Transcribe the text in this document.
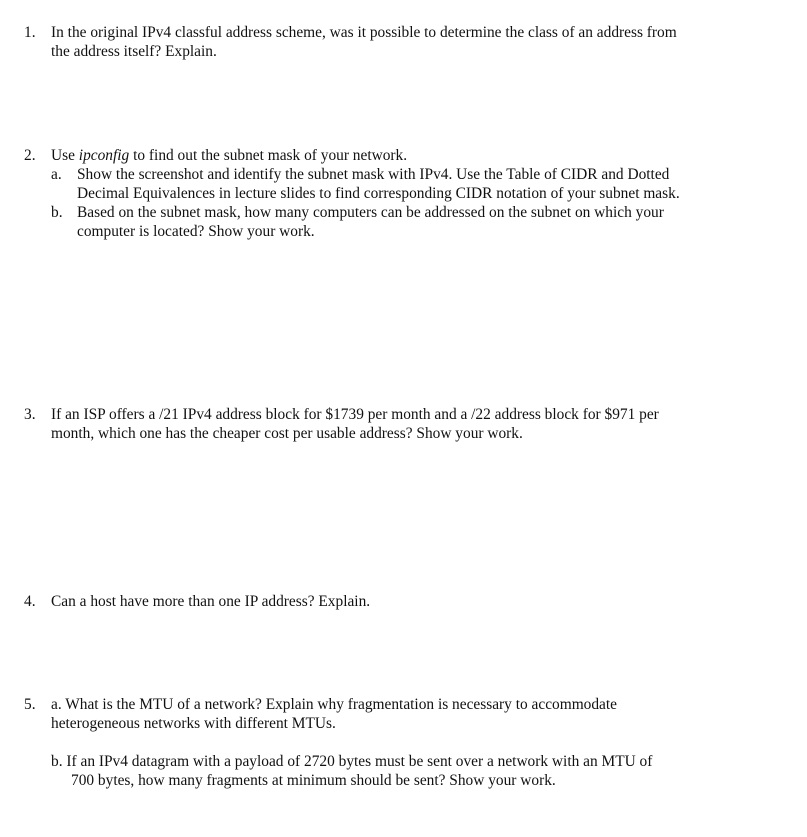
1. In the original IPv4 classful address scheme, was it possible to determine the class of an address from
the address itself? Explain.
2. Use ipconfig to find out the subnet mask of your network.
a. Show the screenshot and identify the subnet mask with IPv4. Use the Table of CIDR and Dotted
Decimal Equivalences in lecture slides to find corresponding CIDR notation of your subnet mask.
b. Based on the subnet mask, how many computers can be addressed on the subnet on which your
computer is located? Show your work.
3. If an ISP offers a /21 IPv4 address block for $1739 per month and a /22 address block for $971 per
month, which one has the cheaper cost per usable address? Show your work.
4. Can a host have more than one IP address? Explain.
5. a. What is the MTU of a network? Explain why fragmentation is necessary to accommodate
heterogeneous networks with different MTUs.
b. If an IPv4 datagram with a payload of 2720 bytes must be sent over a network with an MTU of
700 bytes, how many fragments at minimum should be sent? Show your work.
